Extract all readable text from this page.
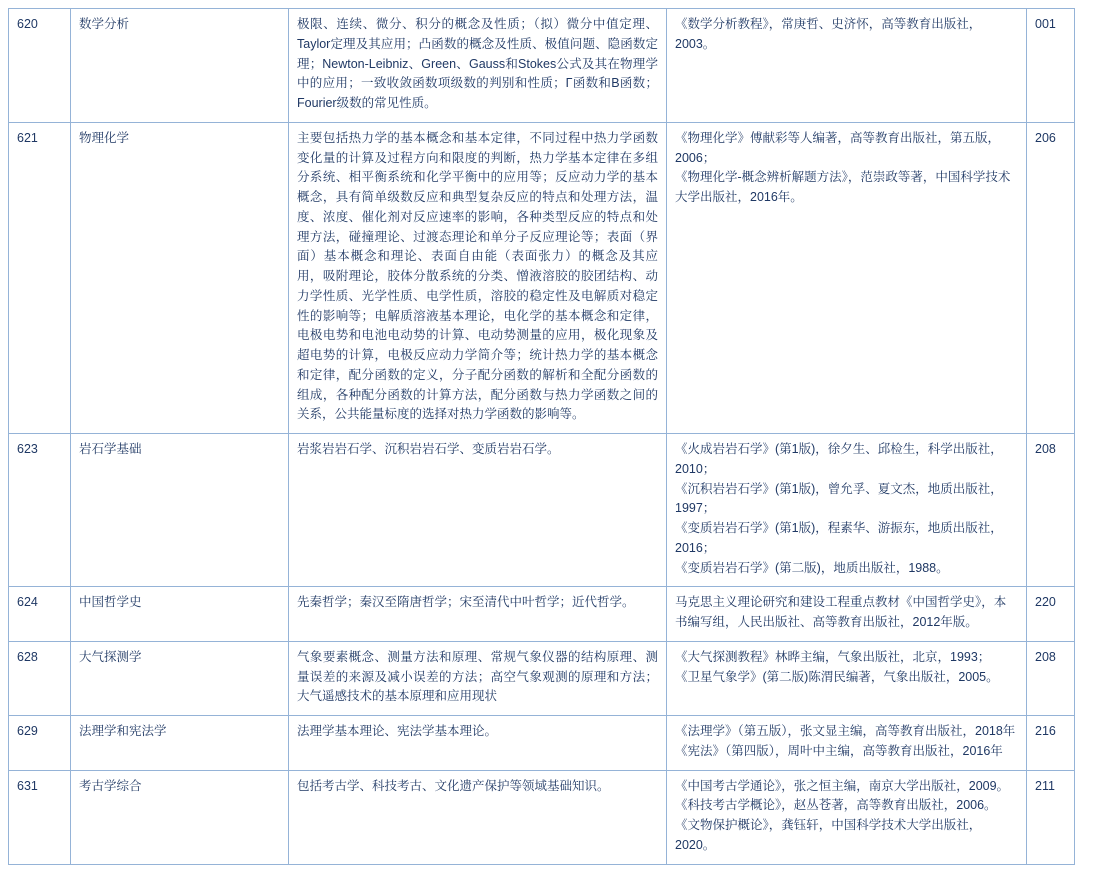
620	数学分析	极限、连续、微分、积分的概念及性质；（拟）微分中值定理、Taylor定理及其应用；凸函数的概念及性质、极值问题、隐函数定理；Newton-Leibniz、Green、Gauss和Stokes公式及其在物理学中的应用；一致收敛函数项级数的判别和性质；Γ函数和B函数；Fourier级数的常见性质。	《数学分析教程》，常庚哲、史济怀，高等教育出版社，2003。	001
621	物理化学	主要包括热力学的基本概念和基本定律，不同过程中热力学函数变化量的计算及过程方向和限度的判断，热力学基本定律在多组分系统、相平衡系统和化学平衡中的应用等；反应动力学的基本概念，具有简单级数反应和典型复杂反应的特点和处理方法，温度、浓度、催化剂对反应速率的影响，各种类型反应的特点和处理方法，碰撞理论、过渡态理论和单分子反应理论等；表面（界面）基本概念和理论、表面自由能（表面张力）的概念及其应用，吸附理论，胶体分散系统的分类、憎液溶胶的胶团结构、动力学性质、光学性质、电学性质，溶胶的稳定性及电解质对稳定性的影响等；电解质溶液基本理论，电化学的基本概念和定律，电极电势和电池电动势的计算、电动势测量的应用，极化现象及超电势的计算，电极反应动力学简介等；统计热力学的基本概念和定律，配分函数的定义，分子配分函数的解析和全配分函数的组成，各种配分函数的计算方法，配分函数与热力学函数之间的关系，公共能量标度的选择对热力学函数的影响等。	《物理化学》傅献彩等人编著，高等教育出版社，第五版，2006；
《物理化学-概念辨析解题方法》，范崇政等著，中国科学技术大学出版社，2016年。	206
623	岩石学基础	岩浆岩岩石学、沉积岩岩石学、变质岩岩石学。	《火成岩岩石学》(第1版)，徐夕生、邱检生，科学出版社，2010；
《沉积岩岩石学》(第1版)，曾允孚、夏文杰，地质出版社，1997；
《变质岩岩石学》(第1版)，程素华、游振东，地质出版社，2016；
《变质岩岩石学》(第二版)，地质出版社，1988。	208
624	中国哲学史	先秦哲学；秦汉至隋唐哲学；宋至清代中叶哲学；近代哲学。	马克思主义理论研究和建设工程重点教材《中国哲学史》，本书编写组，人民出版社、高等教育出版社，2012年版。	220
628	大气探测学	气象要素概念、测量方法和原理、常规气象仪器的结构原理、测量误差的来源及减小误差的方法；高空气象观测的原理和方法；大气遥感技术的基本原理和应用现状	《大气探测教程》林晔主编，气象出版社，北京，1993；
《卫星气象学》(第二版)陈渭民编著，气象出版社，2005。	208
629	法理学和宪法学	法理学基本理论、宪法学基本理论。	《法理学》（第五版），张文显主编，高等教育出版社，2018年
《宪法》（第四版），周叶中主编，高等教育出版社，2016年	216
631	考古学综合	包括考古学、科技考古、文化遗产保护等领域基础知识。	《中国考古学通论》，张之恒主编，南京大学出版社，2009。
《科技考古学概论》，赵丛苍著，高等教育出版社，2006。
《文物保护概论》，龚钰轩，中国科学技术大学出版社，2020。	211
